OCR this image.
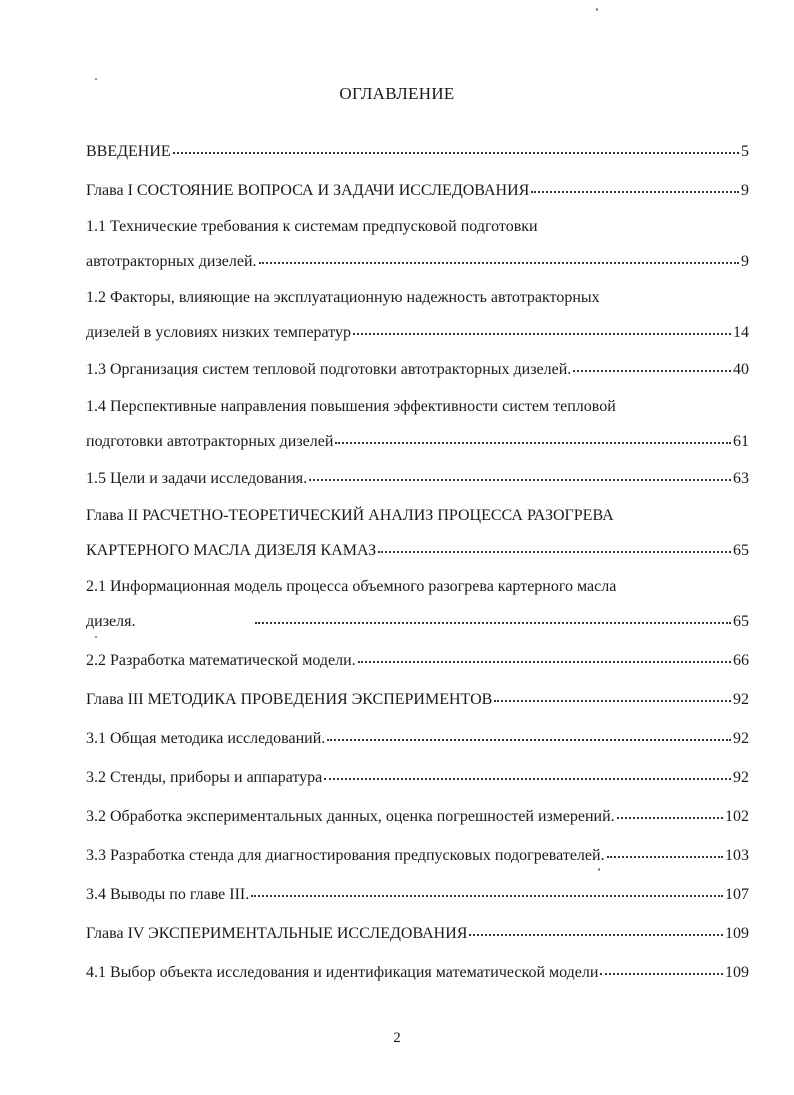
ОГЛАВЛЕНИЕ
ВВЕДЕНИЕ	5
Глава I СОСТОЯНИЕ ВОПРОСА И ЗАДАЧИ ИССЛЕДОВАНИЯ	9
1.1 Технические требования к системам предпусковой подготовки
автотракторных дизелей.	9
1.2 Факторы, влияющие на эксплуатационную надежность автотракторных
дизелей в условиях низких температур	14
1.3 Организация систем тепловой подготовки автотракторных дизелей.	40
1.4 Перспективные направления повышения эффективности систем тепловой
подготовки автотракторных дизелей	61
1.5 Цели и задачи исследования.	63
Глава II РАСЧЕТНО-ТЕОРЕТИЧЕСКИЙ АНАЛИЗ ПРОЦЕССА РАЗОГРЕВА
КАРТЕРНОГО МАСЛА ДИЗЕЛЯ КАМАЗ	65
2.1 Информационная модель процесса объемного разогрева картерного масла
дизеля.	65
2.2 Разработка математической модели.	66
Глава III МЕТОДИКА ПРОВЕДЕНИЯ ЭКСПЕРИМЕНТОВ	92
3.1 Общая методика исследований.	92
3.2 Стенды, приборы и аппаратура	92
3.2 Обработка экспериментальных данных, оценка погрешностей измерений.	102
3.3 Разработка стенда для диагностирования предпусковых подогревателей.	103
3.4 Выводы по главе III.	107
Глава IV ЭКСПЕРИМЕНТАЛЬНЫЕ ИССЛЕДОВАНИЯ	109
4.1 Выбор объекта исследования и идентификация математической модели	109
2
